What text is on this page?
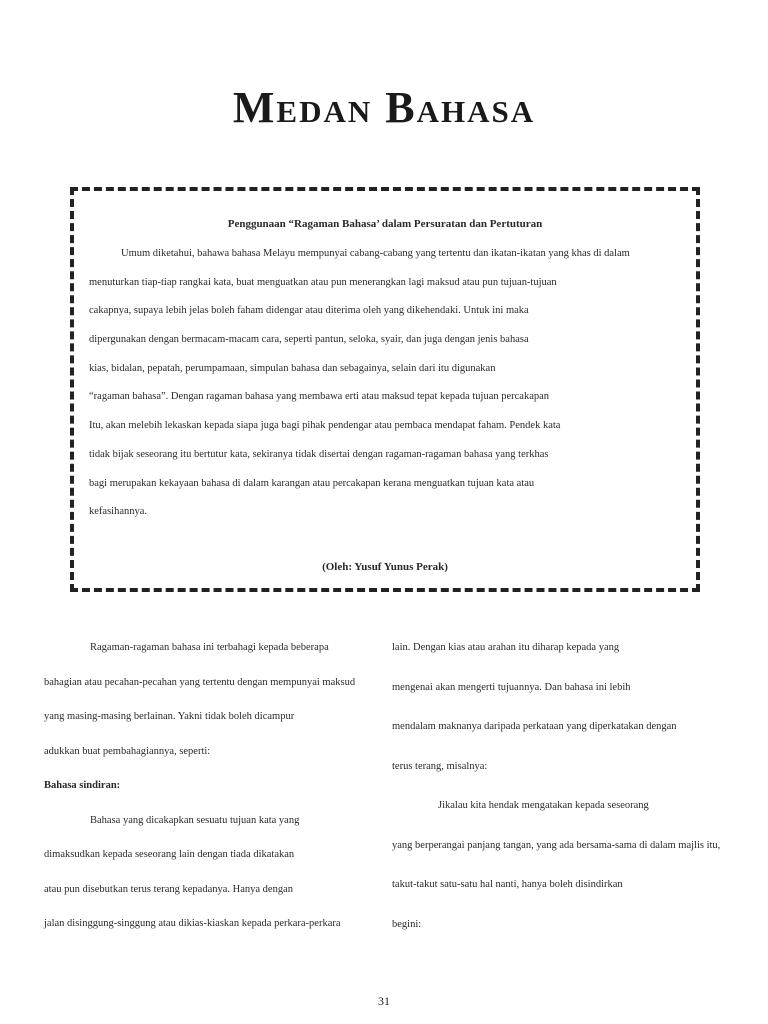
Medan Bahasa
Penggunaan “Ragaman Bahasa’ dalam Persuratan dan Pertuturan
Umum diketahui, bahawa bahasa Melayu mempunyai cabang-cabang yang tertentu dan ikatan-ikatan yang khas di dalam
menuturkan tiap-tiap rangkai kata, buat menguatkan atau pun menerangkan lagi maksud atau pun tujuan-tujuan
cakapnya, supaya lebih jelas boleh faham didengar atau diterima oleh yang dikehendaki. Untuk ini maka
dipergunakan dengan bermacam-macam cara, seperti pantun, seloka, syair, dan juga dengan jenis bahasa
kias, bidalan, pepatah, perumpamaan, simpulan bahasa dan sebagainya, selain dari itu digunakan
“ragaman bahasa”. Dengan ragaman bahasa yang membawa erti atau maksud tepat kepada tujuan percakapan
Itu, akan melebih lekaskan kepada siapa juga bagi pihak pendengar atau pembaca mendapat faham. Pendek kata
tidak bijak seseorang itu bertutur kata, sekiranya tidak disertai dengan ragaman-ragaman bahasa yang terkhas
bagi merupakan kekayaan bahasa di dalam karangan atau percakapan kerana menguatkan tujuan kata atau
kefasihannya.
(Oleh: Yusuf Yunus Perak)
Ragaman-ragaman bahasa ini terbahagi kepada beberapa
bahagian atau pecahan-pecahan yang tertentu dengan mempunyai maksud
yang masing-masing berlainan. Yakni tidak boleh dicampur
adukkan buat pembahagiannya, seperti:
Bahasa sindiran:
Bahasa yang dicakapkan sesuatu tujuan kata yang
dimaksudkan kepada seseorang lain dengan tiada dikatakan
atau pun disebutkan terus terang kepadanya. Hanya dengan
jalan disinggung-singgung atau dikias-kiaskan kepada perkara-perkara
lain. Dengan kias atau arahan itu diharap kepada yang
mengenai akan mengerti tujuannya. Dan bahasa ini lebih
mendalam maknanya daripada perkataan yang diperkatakan dengan
terus terang, misalnya:
Jikalau kita hendak mengatakan kepada seseorang
yang berperangai panjang tangan, yang ada bersama-sama di dalam majlis itu,
takut-takut satu-satu hal nanti, hanya boleh disindirkan
begini:
31
